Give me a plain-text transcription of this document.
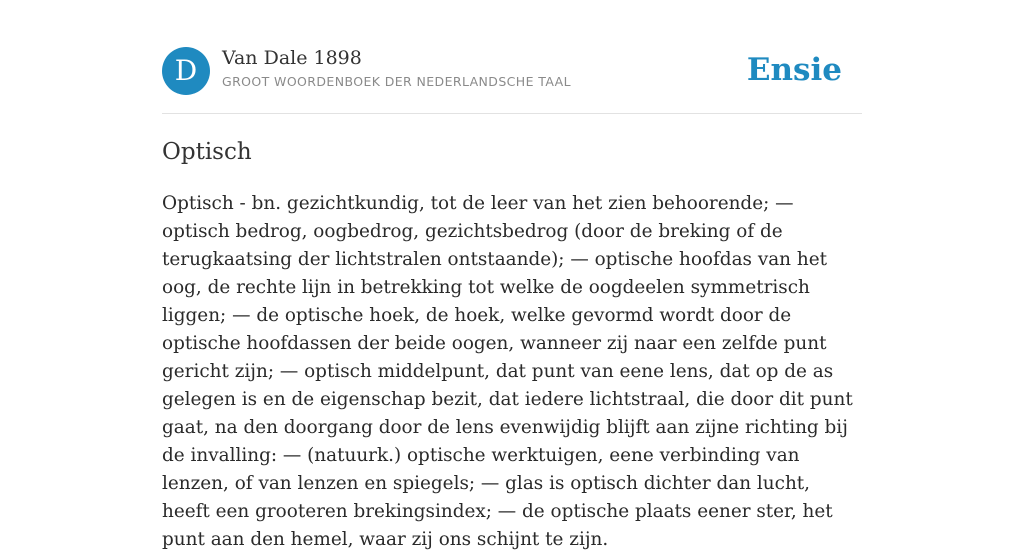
D	Van Dale 1898
GROOT WOORDENBOEK DER NEDERLANDSCHE TAAL	Ensie
Optisch

Optisch - bn. gezichtkundig, tot de leer van het zien behoorende; — optisch bedrog, oogbedrog, gezichtsbedrog (door de breking of de terugkaatsing der lichtstralen ontstaande); — optische hoofdas van het oog, de rechte lijn in betrekking tot welke de oogdeelen symmetrisch liggen; — de optische hoek, de hoek, welke gevormd wordt door de optische hoofdassen der beide oogen, wanneer zij naar een zelfde punt gericht zijn; — optisch middelpunt, dat punt van eene lens, dat op de as gelegen is en de eigenschap bezit, dat iedere lichtstraal, die door dit punt gaat, na den doorgang door de lens evenwijdig blijft aan zijne richting bij de invalling: — (natuurk.) optische werktuigen, eene verbinding van lenzen, of van lenzen en spiegels; — glas is optisch dichter dan lucht, heeft een grooteren brekingsindex; — de optische plaats eener ster, het punt aan den hemel, waar zij ons schijnt te zijn.
